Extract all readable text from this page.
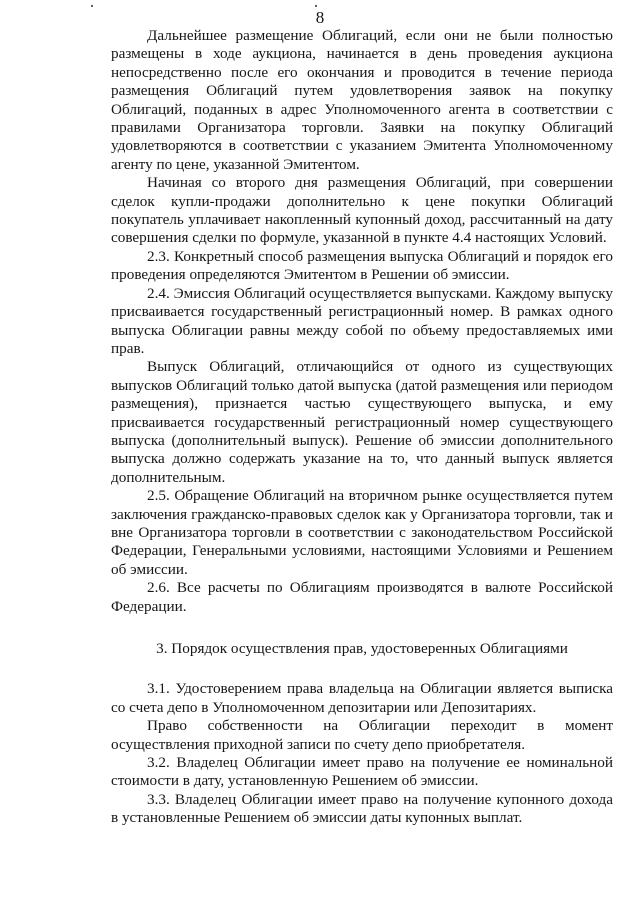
8

Дальнейшее размещение Облигаций, если они не были полностью размещены в ходе аукциона, начинается в день проведения аукциона непосредственно после его окончания и проводится в течение периода размещения Облигаций путем удовлетворения заявок на покупку Облигаций, поданных в адрес Уполномоченного агента в соответствии с правилами Организатора торговли. Заявки на покупку Облигаций удовлетворяются в соответствии с указанием Эмитента Уполномоченному агенту по цене, указанной Эмитентом.

Начиная со второго дня размещения Облигаций, при совершении сделок купли-продажи дополнительно к цене покупки Облигаций покупатель уплачивает накопленный купонный доход, рассчитанный на дату совершения сделки по формуле, указанной в пункте 4.4 настоящих Условий.

2.3. Конкретный способ размещения выпуска Облигаций и порядок его проведения определяются Эмитентом в Решении об эмиссии.

2.4. Эмиссия Облигаций осуществляется выпусками. Каждому выпуску присваивается государственный регистрационный номер. В рамках одного выпуска Облигации равны между собой по объему предоставляемых ими прав.

Выпуск Облигаций, отличающийся от одного из существующих выпусков Облигаций только датой выпуска (датой размещения или периодом размещения), признается частью существующего выпуска, и ему присваивается государственный регистрационный номер существующего выпуска (дополнительный выпуск). Решение об эмиссии дополнительного выпуска должно содержать указание на то, что данный выпуск является дополнительным.

2.5. Обращение Облигаций на вторичном рынке осуществляется путем заключения гражданско-правовых сделок как у Организатора торговли, так и вне Организатора торговли в соответствии с законодательством Российской Федерации, Генеральными условиями, настоящими Условиями и Решением об эмиссии.

2.6. Все расчеты по Облигациям производятся в валюте Российской Федерации.

3. Порядок осуществления прав, удостоверенных Облигациями

3.1. Удостоверением права владельца на Облигации является выписка со счета депо в Уполномоченном депозитарии или Депозитариях.

Право собственности на Облигации переходит в момент осуществления приходной записи по счету депо приобретателя.

3.2. Владелец Облигации имеет право на получение ее номинальной стоимости в дату, установленную Решением об эмиссии.

3.3. Владелец Облигации имеет право на получение купонного дохода в установленные Решением об эмиссии даты купонных выплат.
